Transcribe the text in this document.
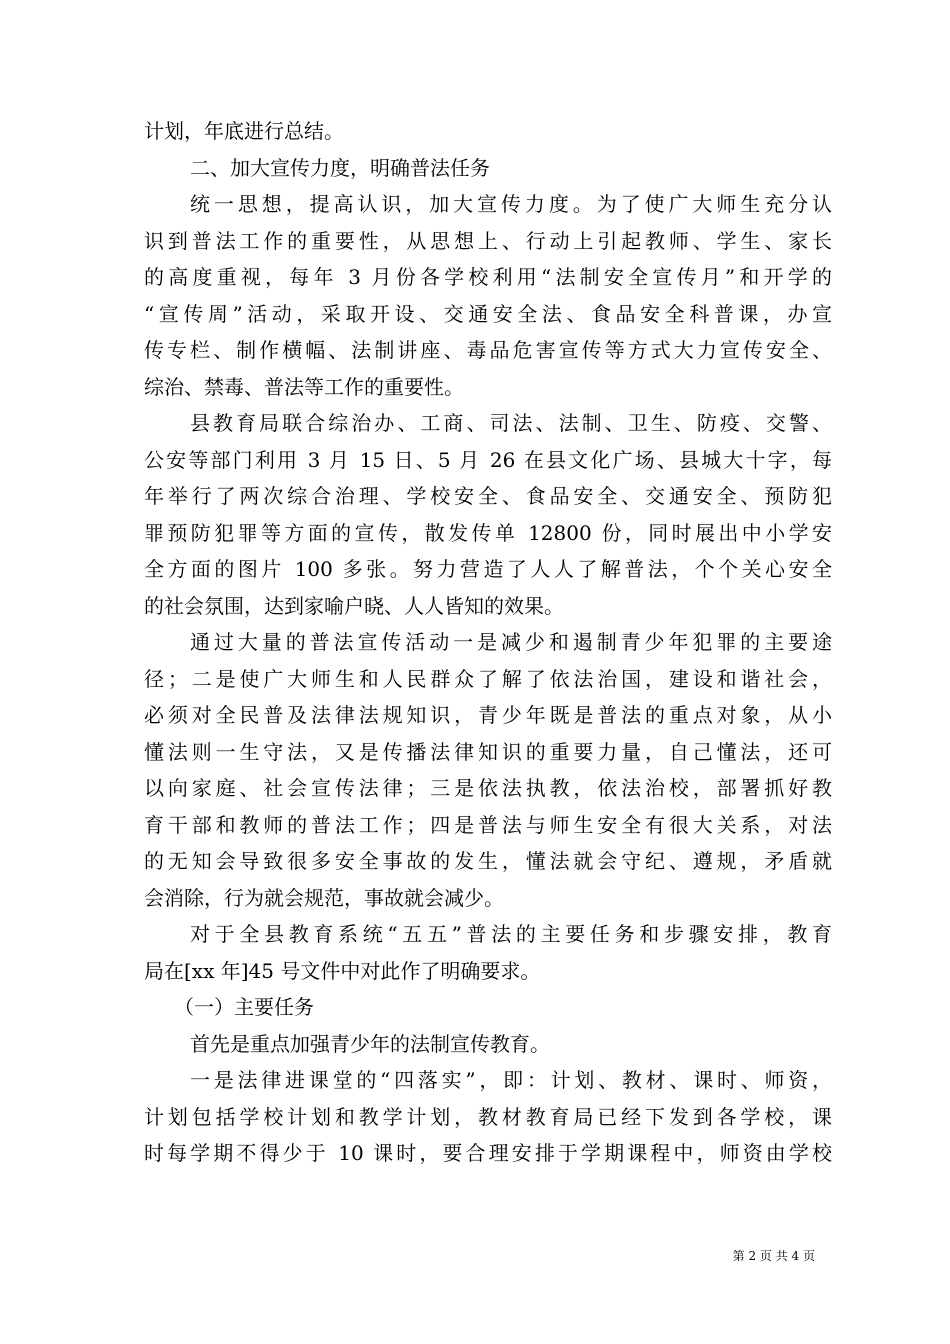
计划，年底进行总结。
二、加大宣传力度，明确普法任务
统一思想，提高认识，加大宣传力度。为了使广大师生充分认
识到普法工作的重要性，从思想上、行动上引起教师、学生、家长
的高度重视，每年 3 月份各学校利用“法制安全宣传月”和开学的
“宣传周”活动，采取开设、交通安全法、食品安全科普课，办宣
传专栏、制作横幅、法制讲座、毒品危害宣传等方式大力宣传安全、
综治、禁毒、普法等工作的重要性。
县教育局联合综治办、工商、司法、法制、卫生、防疫、交警、
公安等部门利用 3 月 15 日、5 月 26 在县文化广场、县城大十字，每
年举行了两次综合治理、学校安全、食品安全、交通安全、预防犯
罪预防犯罪等方面的宣传，散发传单 12800 份，同时展出中小学安
全方面的图片 100 多张。努力营造了人人了解普法，个个关心安全
的社会氛围，达到家喻户晓、人人皆知的效果。
通过大量的普法宣传活动一是减少和遏制青少年犯罪的主要途
径；二是使广大师生和人民群众了解了依法治国，建设和谐社会，
必须对全民普及法律法规知识，青少年既是普法的重点对象，从小
懂法则一生守法，又是传播法律知识的重要力量，自己懂法，还可
以向家庭、社会宣传法律；三是依法执教，依法治校，部署抓好教
育干部和教师的普法工作；四是普法与师生安全有很大关系，对法
的无知会导致很多安全事故的发生，懂法就会守纪、遵规，矛盾就
会消除，行为就会规范，事故就会减少。
对于全县教育系统“五五”普法的主要任务和步骤安排，教育
局在[xx 年]45 号文件中对此作了明确要求。
（一）主要任务
首先是重点加强青少年的法制宣传教育。
一是法律进课堂的“四落实”，即：计划、教材、课时、师资，
计划包括学校计划和教学计划，教材教育局已经下发到各学校，课
时每学期不得少于 10 课时，要合理安排于学期课程中，师资由学校
第 2 页 共 4 页
